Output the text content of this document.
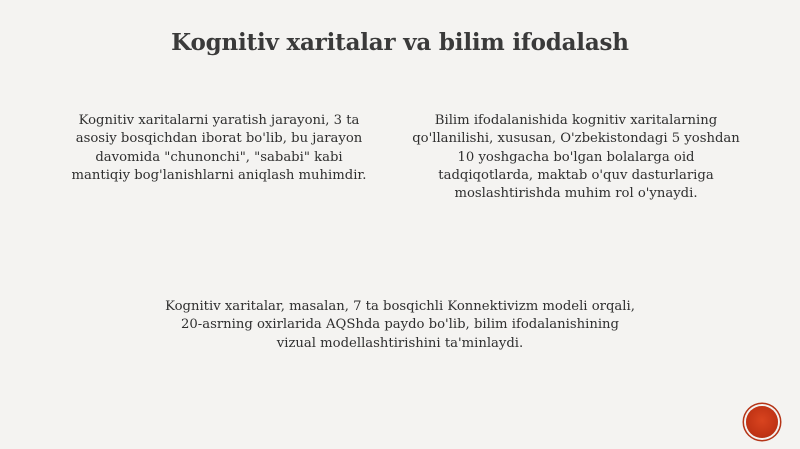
Kognitiv xaritalar va bilim ifodalash
Kognitiv xaritalarni yaratish jarayoni, 3 ta
asosiy bosqichdan iborat bo'lib, bu jarayon
davomida "chunonchi", "sababi" kabi
mantiqiy bog'lanishlarni aniqlash muhimdir.
Bilim ifodalanishida kognitiv xaritalarning
qo'llanilishi, xususan, O'zbekistondagi 5 yoshdan
10 yoshgacha bo'lgan bolalarga oid
tadqiqotlarda, maktab o'quv dasturlariga
moslashtirishda muhim rol o'ynaydi.
Kognitiv xaritalar, masalan, 7 ta bosqichli Konnektivizm modeli orqali,
20-asrning oxirlarida AQShda paydo bo'lib, bilim ifodalanishining
vizual modellashtirishini ta'minlaydi.
